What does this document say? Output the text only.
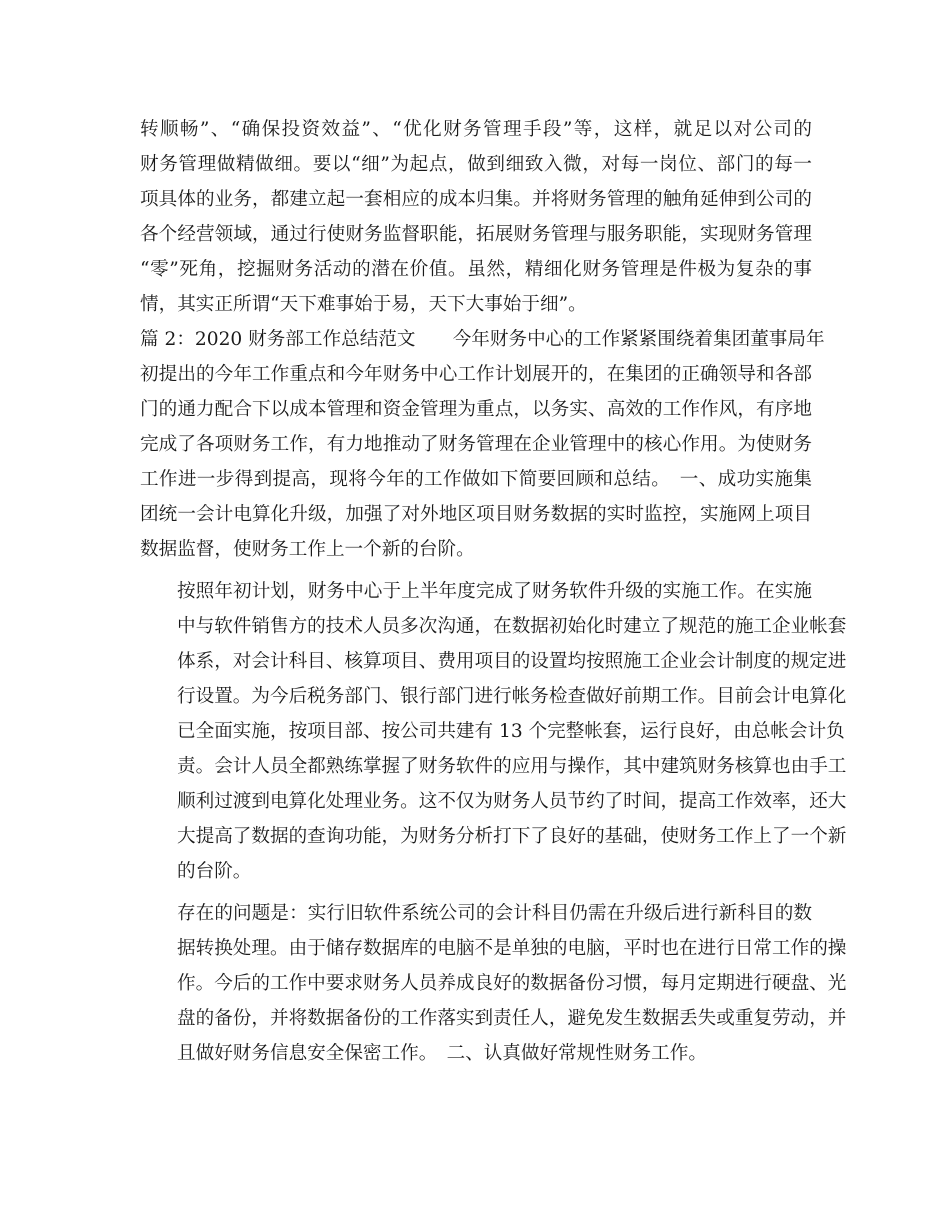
转顺畅”、“确保投资效益”、“优化财务管理手段”等，这样，就足以对公司的
财务管理做精做细。要以“细”为起点，做到细致入微，对每一岗位、部门的每一
项具体的业务，都建立起一套相应的成本归集。并将财务管理的触角延伸到公司的
各个经营领域，通过行使财务监督职能，拓展财务管理与服务职能，实现财务管理
“零”死角，挖掘财务活动的潜在价值。虽然，精细化财务管理是件极为复杂的事
情，其实正所谓“天下难事始于易，天下大事始于细”。
篇 2：2020 财务部工作总结范文　　今年财务中心的工作紧紧围绕着集团董事局年
初提出的今年工作重点和今年财务中心工作计划展开的，在集团的正确领导和各部
门的通力配合下以成本管理和资金管理为重点，以务实、高效的工作作风，有序地
完成了各项财务工作，有力地推动了财务管理在企业管理中的核心作用。为使财务
工作进一步得到提高，现将今年的工作做如下简要回顾和总结。　一、成功实施集
团统一会计电算化升级，加强了对外地区项目财务数据的实时监控，实施网上项目
数据监督，使财务工作上一个新的台阶。
按照年初计划，财务中心于上半年度完成了财务软件升级的实施工作。在实施
中与软件销售方的技术人员多次沟通，在数据初始化时建立了规范的施工企业帐套
体系，对会计科目、核算项目、费用项目的设置均按照施工企业会计制度的规定进
行设置。为今后税务部门、银行部门进行帐务检查做好前期工作。目前会计电算化
已全面实施，按项目部、按公司共建有 13 个完整帐套，运行良好，由总帐会计负
责。会计人员全都熟练掌握了财务软件的应用与操作，其中建筑财务核算也由手工
顺利过渡到电算化处理业务。这不仅为财务人员节约了时间，提高工作效率，还大
大提高了数据的查询功能，为财务分析打下了良好的基础，使财务工作上了一个新
的台阶。
存在的问题是：实行旧软件系统公司的会计科目仍需在升级后进行新科目的数
据转换处理。由于储存数据库的电脑不是单独的电脑，平时也在进行日常工作的操
作。今后的工作中要求财务人员养成良好的数据备份习惯，每月定期进行硬盘、光
盘的备份，并将数据备份的工作落实到责任人，避免发生数据丢失或重复劳动，并
且做好财务信息安全保密工作。　二、认真做好常规性财务工作。
